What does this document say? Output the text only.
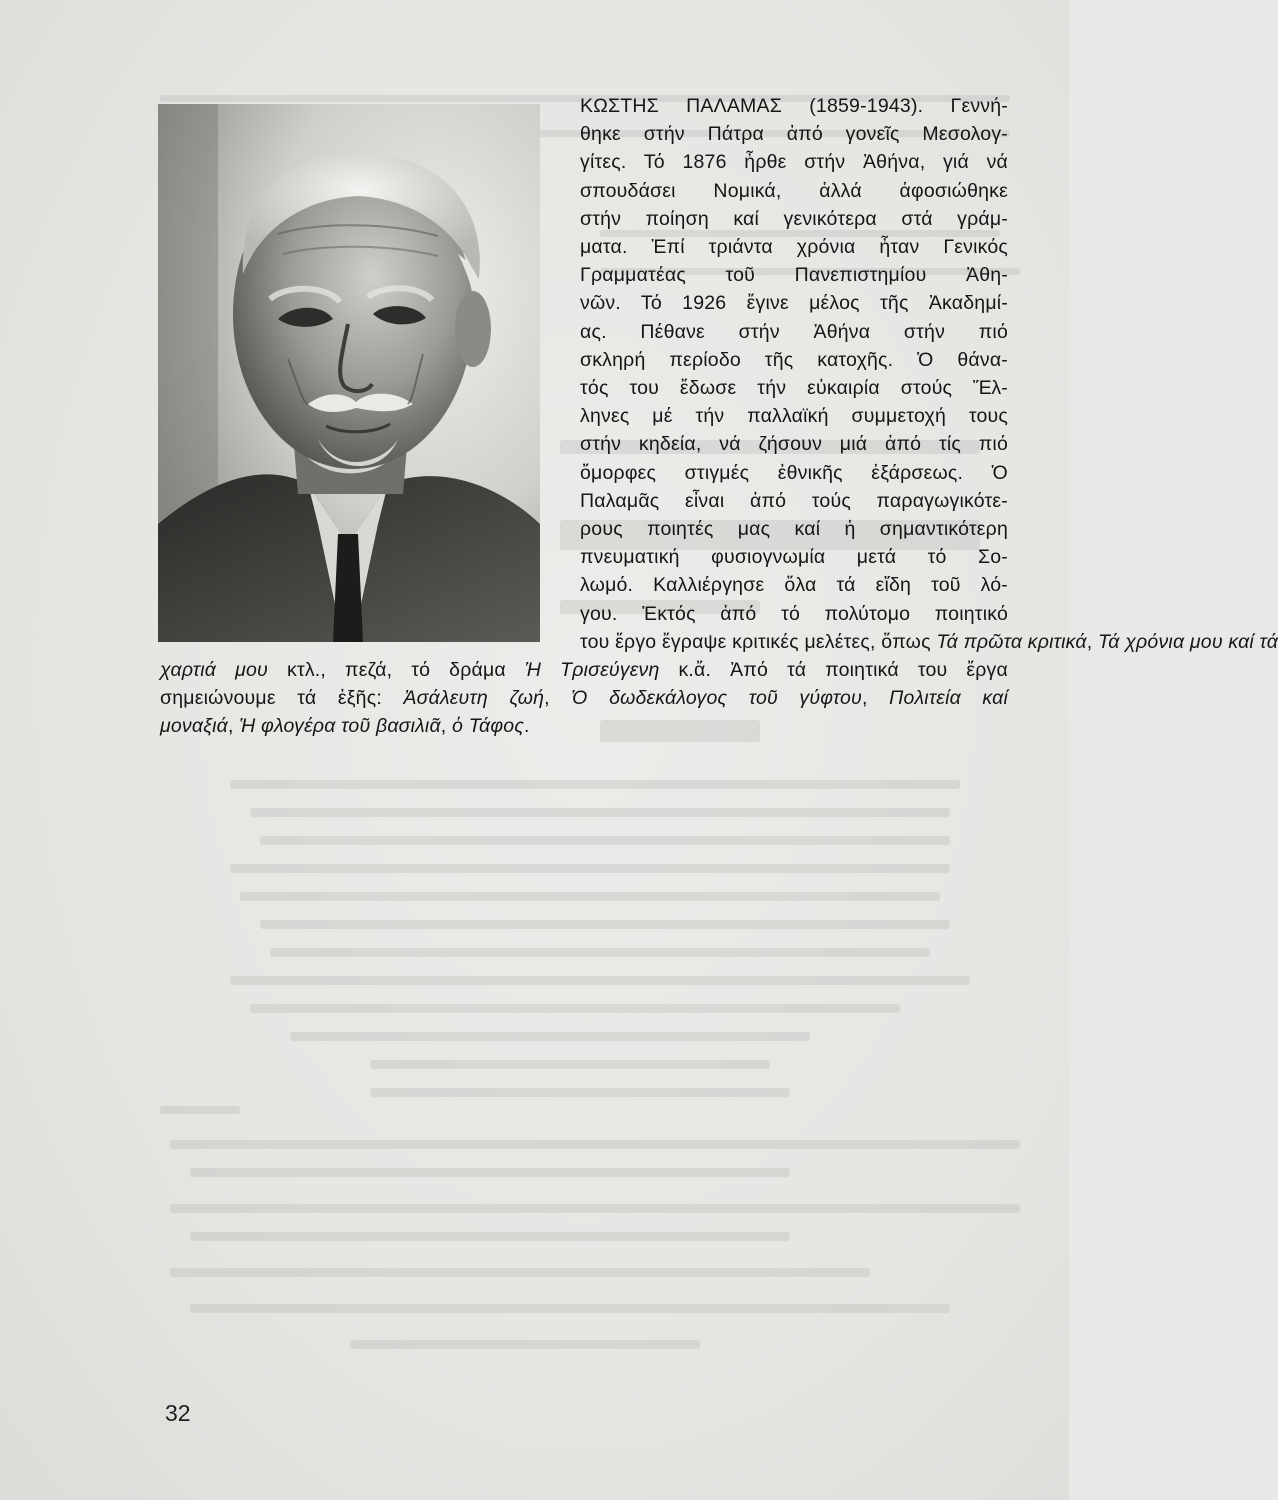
ΚΩΣΤΗΣ ΠΑΛΑΜΑΣ (1859-1943). Γεννή-
θηκε στήν Πάτρα ἀπό γονεῖς Μεσολογ-
γίτες. Τό 1876 ἦρθε στήν Ἀθήνα, γιά νά
σπουδάσει Νομικά, ἀλλά ἀφοσιώθηκε
στήν ποίηση καί γενικότερα στά γράμ-
ματα. Ἐπί τριάντα χρόνια ἦταν Γενικός
Γραμματέας τοῦ Πανεπιστημίου Ἀθη-
νῶν. Τό 1926 ἔγινε μέλος τῆς Ἀκαδημί-
ας. Πέθανε στήν Ἀθήνα στήν πιό
σκληρή περίοδο τῆς κατοχῆς. Ὁ θάνα-
τός του ἔδωσε τήν εὐκαιρία στούς Ἕλ-
ληνες μέ τήν παλλαϊκή συμμετοχή τους
στήν κηδεία, νά ζήσουν μιά ἀπό τίς πιό
ὄμορφες στιγμές ἐθνικῆς ἐξάρσεως. Ὁ
Παλαμᾶς εἶναι ἀπό τούς παραγωγικότε-
ρους ποιητές μας καί ἡ σημαντικότερη
πνευματική φυσιογνωμία μετά τό Σο-
λωμό. Καλλιέργησε ὅλα τά εἴδη τοῦ λό-
γου. Ἐκτός ἀπό τό πολύτομο ποιητικό
του ἔργο ἔγραψε κριτικές μελέτες, ὅπως Τά πρῶτα κριτικά, Τά χρόνια μου καί τά
χαρτιά μου κτλ., πεζά, τό δράμα Ἡ Τρισεύγενη κ.ἄ. Ἀπό τά ποιητικά του ἔργα
σημειώνουμε τά ἑξῆς: Ἀσάλευτη ζωή, Ὁ δωδεκάλογος τοῦ γύφτου, Πολιτεία καί
μοναξιά, Ἡ φλογέρα τοῦ βασιλιᾶ, ὁ Τάφος.
32
